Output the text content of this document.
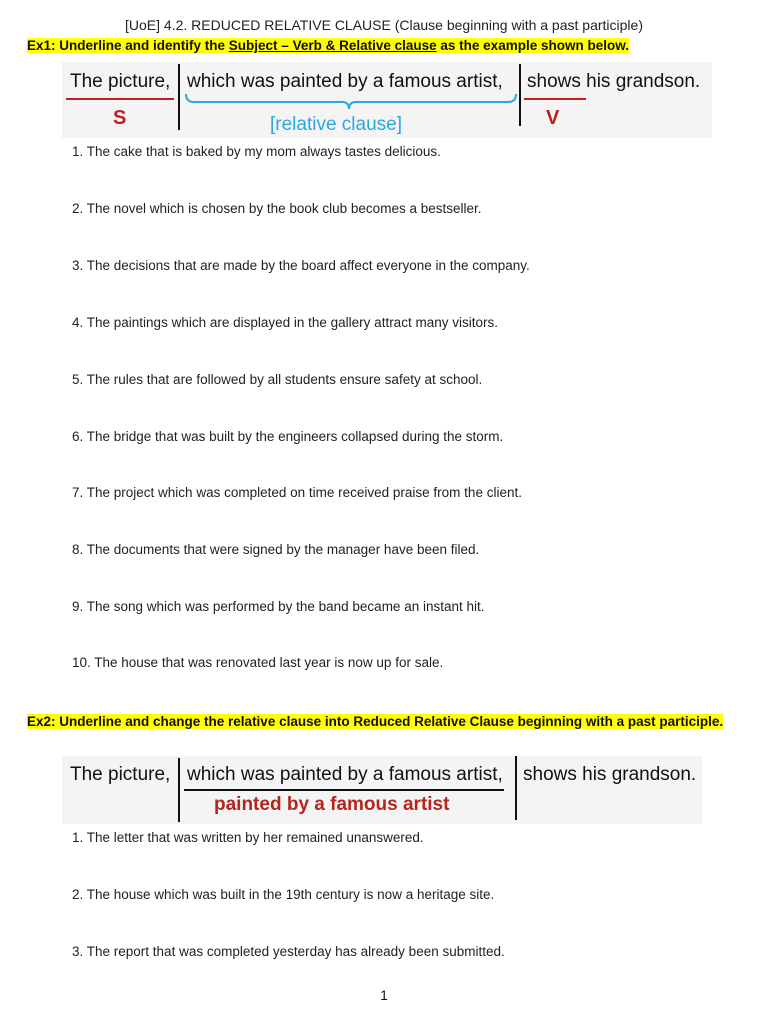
[UoE] 4.2. REDUCED RELATIVE CLAUSE (Clause beginning with a past participle)
Ex1: Underline and identify the Subject – Verb & Relative clause as the example shown below.
The picture,
S
which was painted by a famous artist,
[relative clause]
shows his grandson.
V
1. The cake that is baked by my mom always tastes delicious.
2. The novel which is chosen by the book club becomes a bestseller.
3. The decisions that are made by the board affect everyone in the company.
4. The paintings which are displayed in the gallery attract many visitors.
5. The rules that are followed by all students ensure safety at school.
6. The bridge that was built by the engineers collapsed during the storm.
7. The project which was completed on time received praise from the client.
8. The documents that were signed by the manager have been filed.
9. The song which was performed by the band became an instant hit.
10. The house that was renovated last year is now up for sale.
Ex2: Underline and change the relative clause into Reduced Relative Clause beginning with a past participle.
The picture, which was painted by a famous artist,
painted by a famous artist
shows his grandson.
1. The letter that was written by her remained unanswered.
2. The house which was built in the 19th century is now a heritage site.
3. The report that was completed yesterday has already been submitted.
1
